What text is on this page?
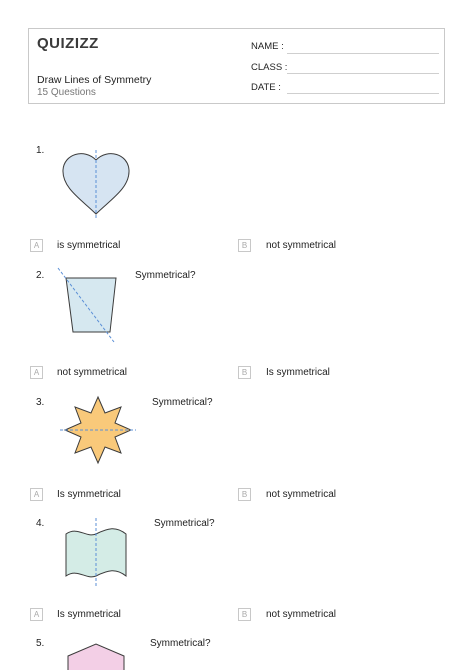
QUIZIZZ
Draw Lines of Symmetry
15 Questions
NAME :
CLASS :
DATE :
1.
A	is symmetrical	B	not symmetrical
2.	Symmetrical?
A	not symmetrical	B	Is symmetrical
3.	Symmetrical?
A	Is symmetrical	B	not symmetrical
4.	Symmetrical?
A	Is symmetrical	B	not symmetrical
5.	Symmetrical?
